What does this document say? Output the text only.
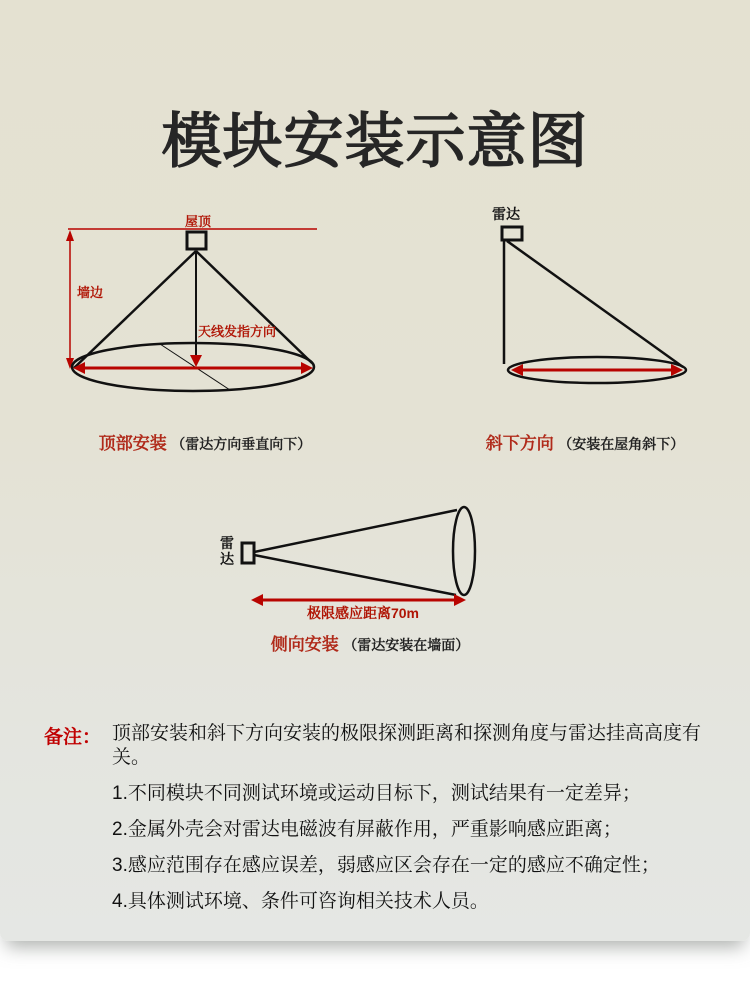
模块安装示意图
屋顶
墙边
天线发指方向
顶部安装 （雷达方向垂直向下）
雷达
斜下方向 （安装在屋角斜下）
雷达
极限感应距离70m
侧向安装 （雷达安装在墙面）
备注： 顶部安装和斜下方向安装的极限探测距离和探测角度与雷达挂高高度有关。
1.不同模块不同测试环境或运动目标下，测试结果有一定差异；
2.金属外壳会对雷达电磁波有屏蔽作用，严重影响感应距离；
3.感应范围存在感应误差，弱感应区会存在一定的感应不确定性；
4.具体测试环境、条件可咨询相关技术人员。
